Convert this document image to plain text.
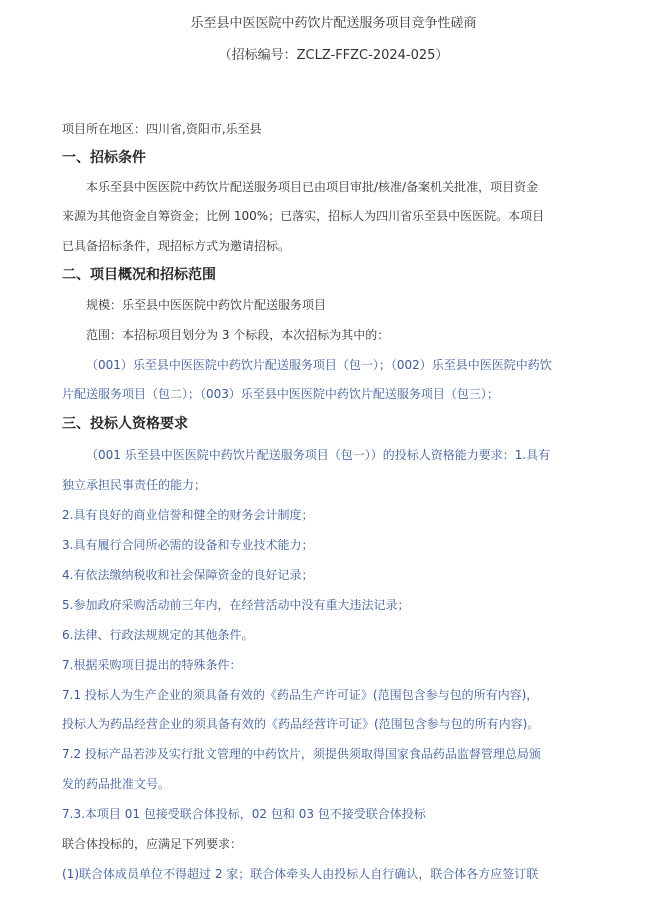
乐至县中医医院中药饮片配送服务项目竞争性磋商
（招标编号：ZCLZ-FFZC-2024-025）
项目所在地区：四川省,资阳市,乐至县
一、招标条件
本乐至县中医医院中药饮片配送服务项目已由项目审批/核准/备案机关批准，项目资金
来源为其他资金自筹资金；比例 100%；已落实，招标人为四川省乐至县中医医院。本项目
已具备招标条件，现招标方式为邀请招标。
二、项目概况和招标范围
规模：乐至县中医医院中药饮片配送服务项目
范围：本招标项目划分为 3 个标段，本次招标为其中的：
（001）乐至县中医医院中药饮片配送服务项目（包一）；（002）乐至县中医医院中药饮
片配送服务项目（包二）；（003）乐至县中医医院中药饮片配送服务项目（包三）；
三、投标人资格要求
（001 乐至县中医医院中药饮片配送服务项目（包一））的投标人资格能力要求：1.具有
独立承担民事责任的能力；
2.具有良好的商业信誉和健全的财务会计制度；
3.具有履行合同所必需的设备和专业技术能力；
4.有依法缴纳税收和社会保障资金的良好记录；
5.参加政府采购活动前三年内，在经营活动中没有重大违法记录；
6.法律、行政法规规定的其他条件。
7.根据采购项目提出的特殊条件：
7.1 投标人为生产企业的须具备有效的《药品生产许可证》(范围包含参与包的所有内容)，
投标人为药品经营企业的须具备有效的《药品经营许可证》(范围包含参与包的所有内容)。
7.2 投标产品若涉及实行批文管理的中药饮片，须提供须取得国家食品药品监督管理总局颁
发的药品批准文号。
7.3.本项目 01 包接受联合体投标，02 包和 03 包不接受联合体投标
联合体投标的，应满足下列要求：
(1)联合体成员单位不得超过 2 家；联合体牵头人由投标人自行确认，联合体各方应签订联
